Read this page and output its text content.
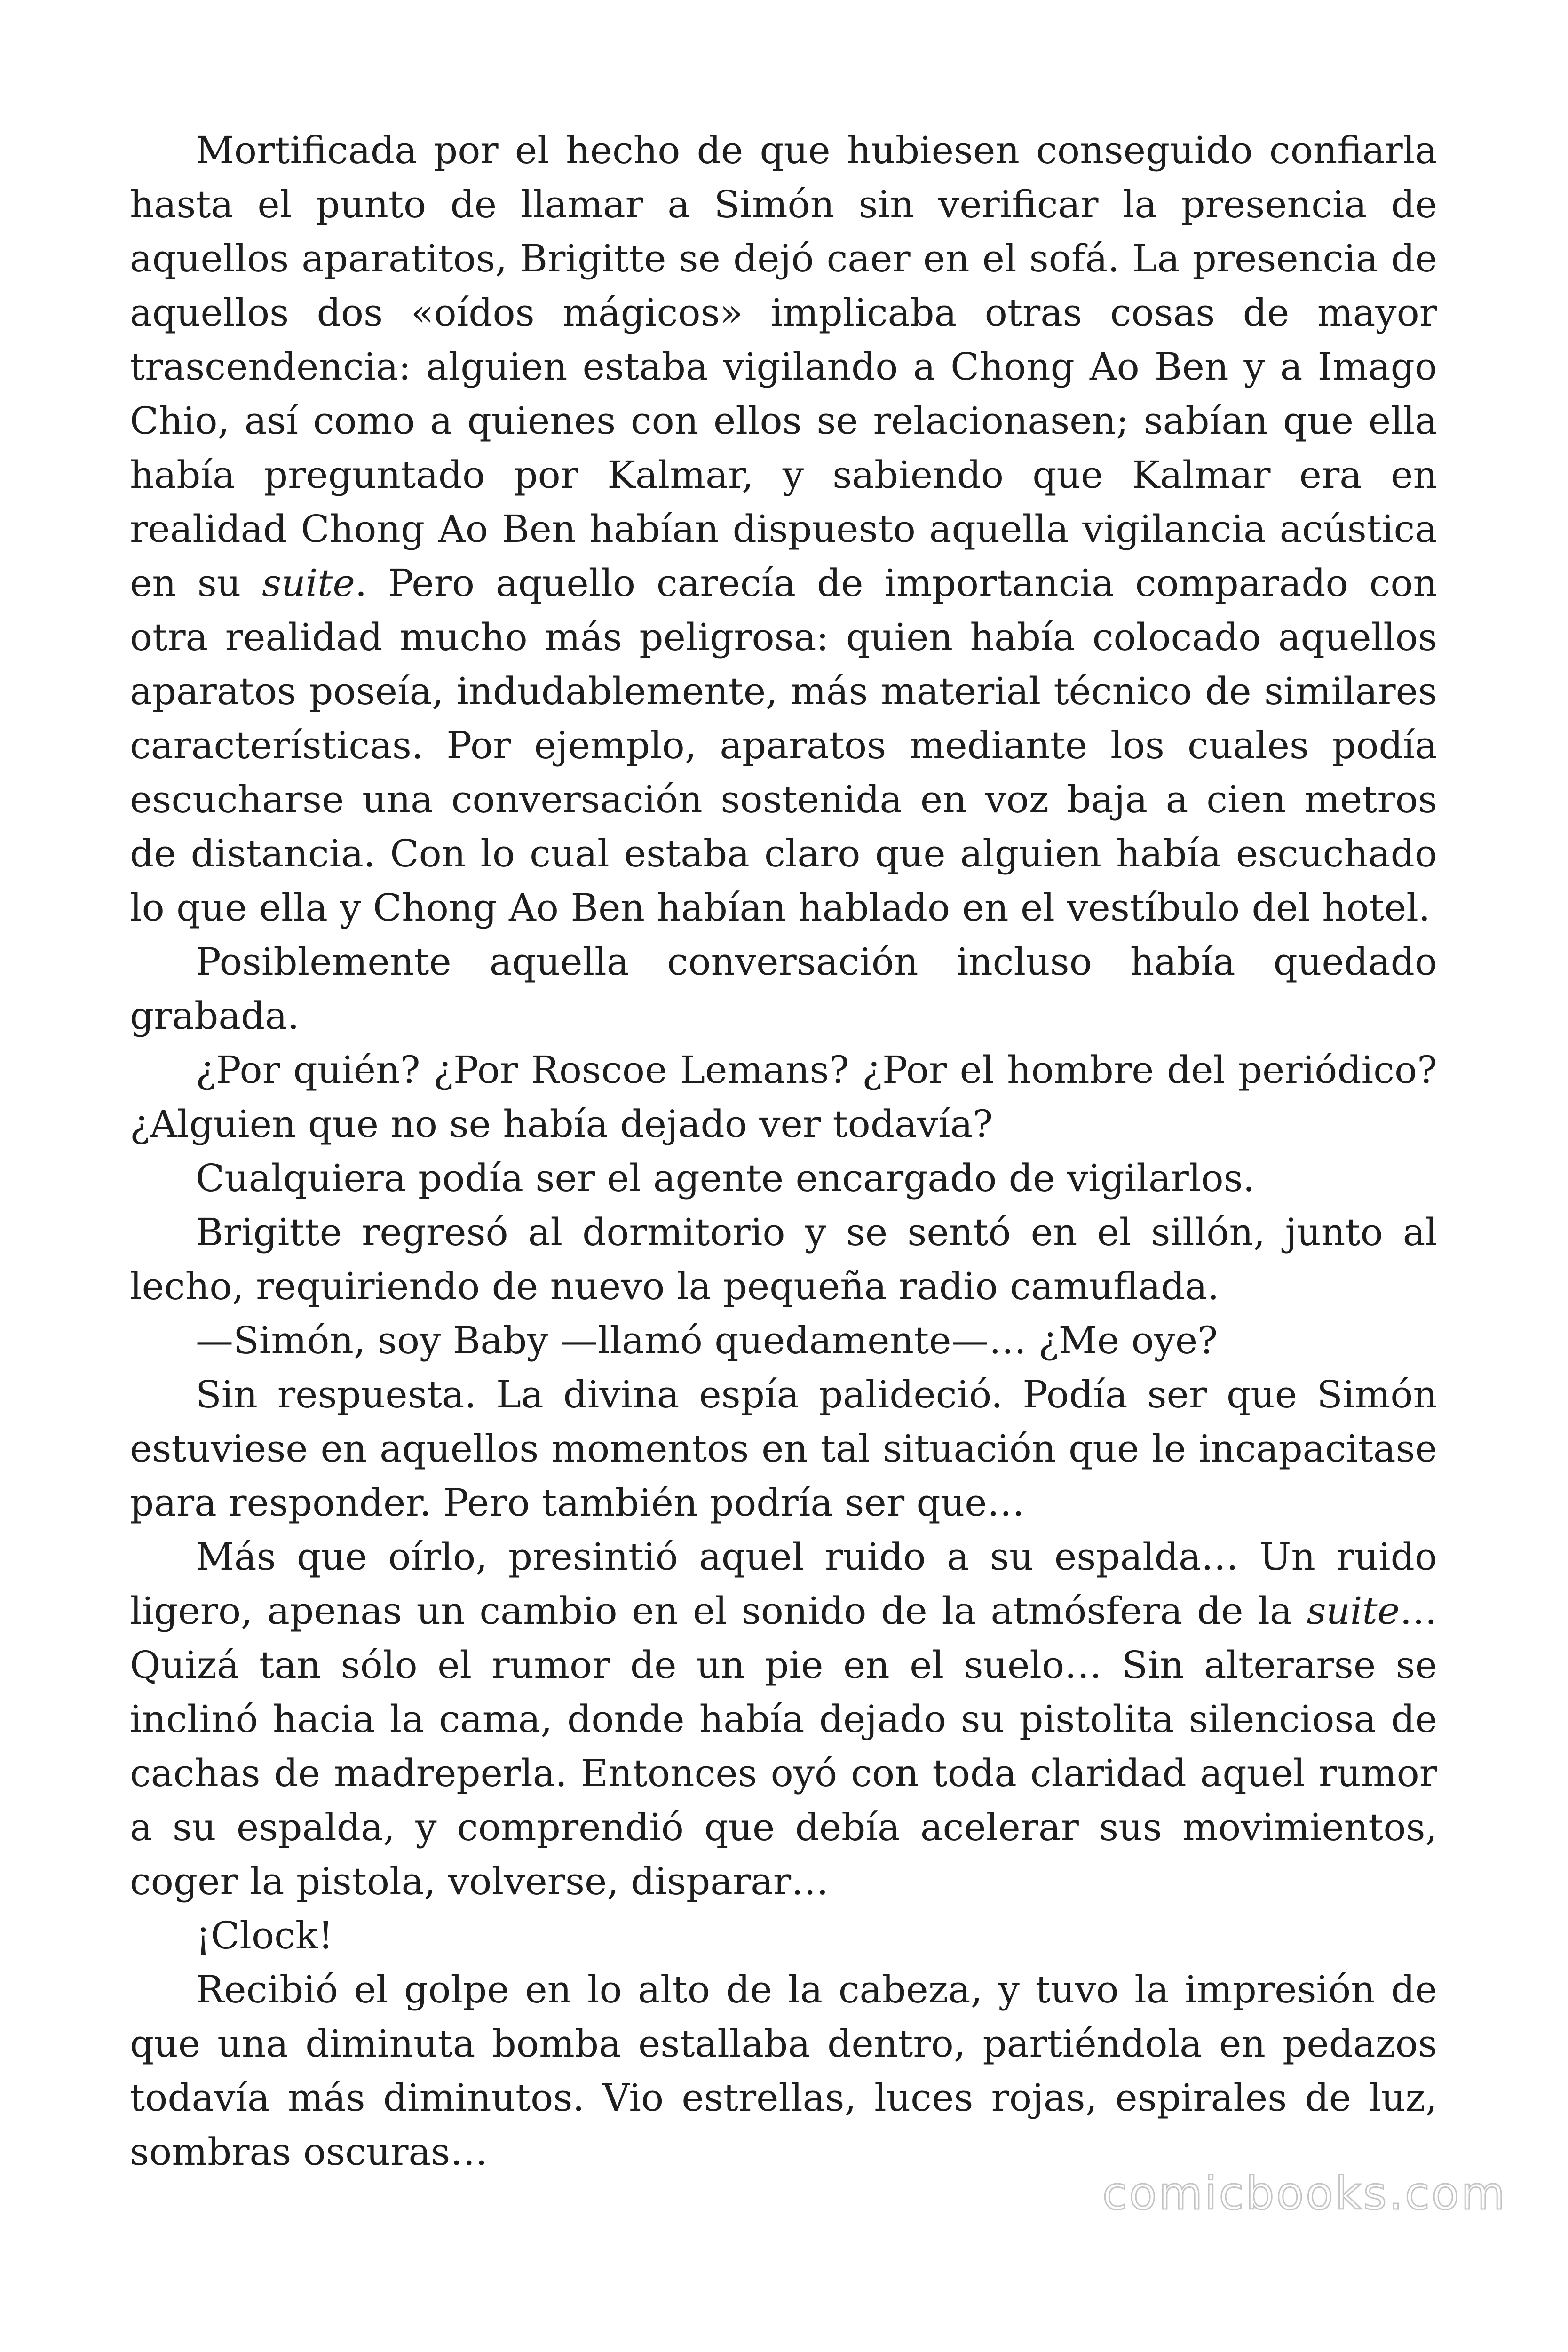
Mortificada por el hecho de que hubiesen conseguido confiarla hasta el punto de llamar a Simón sin verificar la presencia de aquellos aparatitos, Brigitte se dejó caer en el sofá. La presencia de aquellos dos «oídos mágicos» implicaba otras cosas de mayor trascendencia: alguien estaba vigilando a Chong Ao Ben y a Imago Chio, así como a quienes con ellos se relacionasen; sabían que ella había preguntado por Kalmar, y sabiendo que Kalmar era en realidad Chong Ao Ben habían dispuesto aquella vigilancia acústica en su suite. Pero aquello carecía de importancia comparado con otra realidad mucho más peligrosa: quien había colocado aquellos aparatos poseía, indudablemente, más material técnico de similares características. Por ejemplo, aparatos mediante los cuales podía escucharse una conversación sostenida en voz baja a cien metros de distancia. Con lo cual estaba claro que alguien había escuchado lo que ella y Chong Ao Ben habían hablado en el vestíbulo del hotel.

Posiblemente aquella conversación incluso había quedado grabada.

¿Por quién? ¿Por Roscoe Lemans? ¿Por el hombre del periódico? ¿Alguien que no se había dejado ver todavía?

Cualquiera podía ser el agente encargado de vigilarlos.

Brigitte regresó al dormitorio y se sentó en el sillón, junto al lecho, requiriendo de nuevo la pequeña radio camuflada.

—Simón, soy Baby —llamó quedamente—… ¿Me oye?

Sin respuesta. La divina espía palideció. Podía ser que Simón estuviese en aquellos momentos en tal situación que le incapacitase para responder. Pero también podría ser que…

Más que oírlo, presintió aquel ruido a su espalda… Un ruido ligero, apenas un cambio en el sonido de la atmósfera de la suite… Quizá tan sólo el rumor de un pie en el suelo… Sin alterarse se inclinó hacia la cama, donde había dejado su pistolita silenciosa de cachas de madreperla. Entonces oyó con toda claridad aquel rumor a su espalda, y comprendió que debía acelerar sus movimientos, coger la pistola, volverse, disparar…

¡Clock!

Recibió el golpe en lo alto de la cabeza, y tuvo la impresión de que una diminuta bomba estallaba dentro, partiéndola en pedazos todavía más diminutos. Vio estrellas, luces rojas, espirales de luz, sombras oscuras…

comicbooks.com
